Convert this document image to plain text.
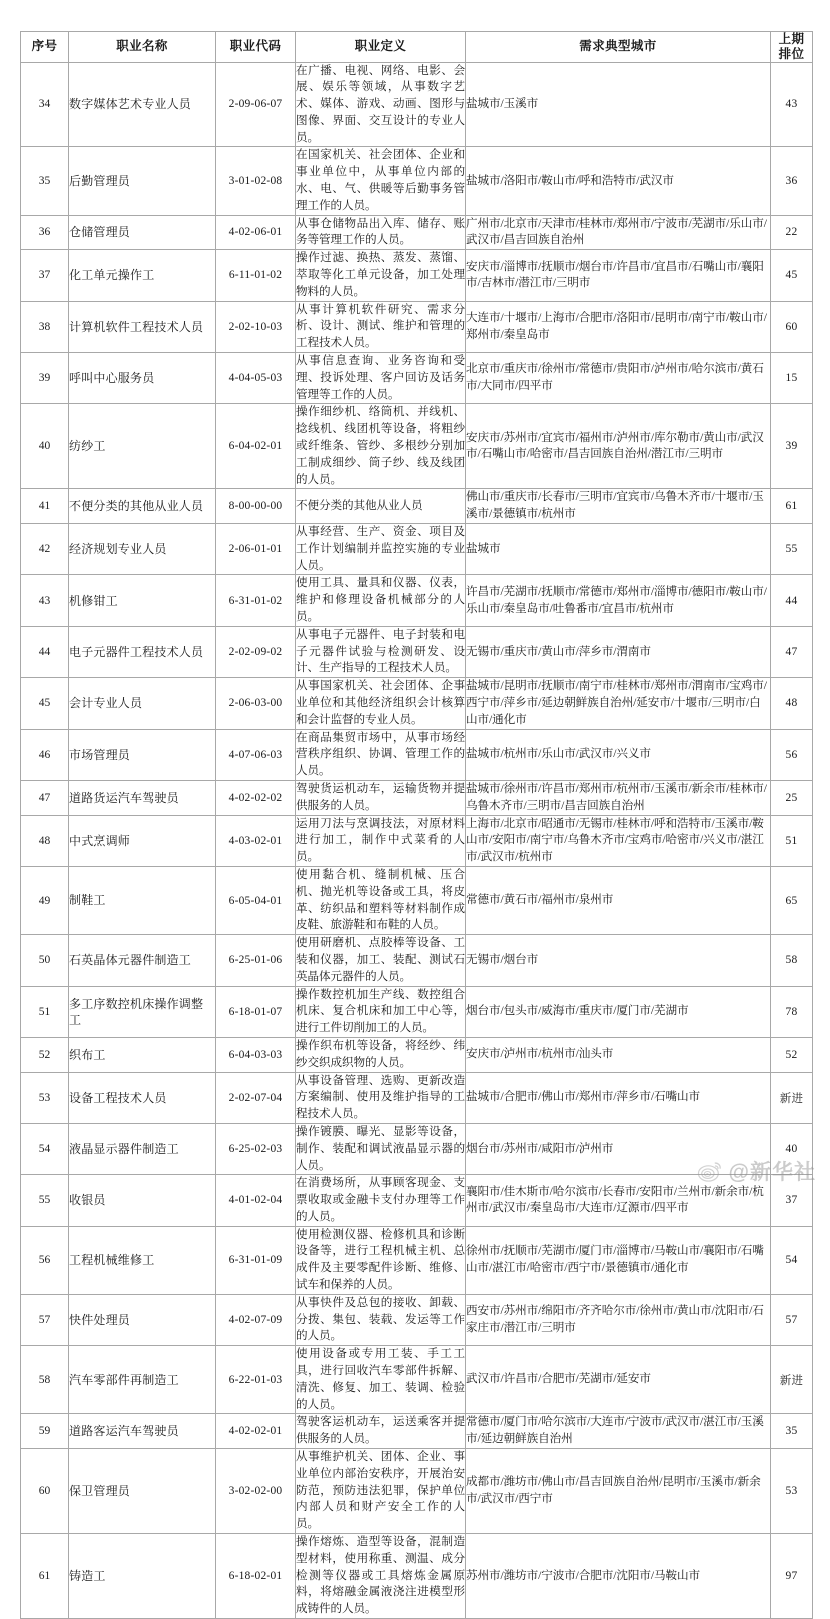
序号	职业名称	职业代码	职业定义	需求典型城市	上期
排位
34	数字媒体艺术专业人员	2-09-06-07	在广播、电视、网络、电影、会展、娱乐等领域，从事数字艺术、媒体、游戏、动画、图形与图像、界面、交互设计的专业人员。	盐城市/玉溪市	43
35	后勤管理员	3-01-02-08	在国家机关、社会团体、企业和事业单位中，从事单位内部的水、电、气、供暖等后勤事务管理工作的人员。	盐城市/洛阳市/鞍山市/呼和浩特市/武汉市	36
36	仓储管理员	4-02-06-01	从事仓储物品出入库、储存、账务等管理工作的人员。	广州市/北京市/天津市/桂林市/郑州市/宁波市/芜湖市/乐山市/武汉市/昌吉回族自治州	22
37	化工单元操作工	6-11-01-02	操作过滤、换热、蒸发、蒸馏、萃取等化工单元设备，加工处理物料的人员。	安庆市/淄博市/抚顺市/烟台市/许昌市/宜昌市/石嘴山市/襄阳市/吉林市/潜江市/三明市	45
38	计算机软件工程技术人员	2-02-10-03	从事计算机软件研究、需求分析、设计、测试、维护和管理的工程技术人员。	大连市/十堰市/上海市/合肥市/洛阳市/昆明市/南宁市/鞍山市/郑州市/秦皇岛市	60
39	呼叫中心服务员	4-04-05-03	从事信息查询、业务咨询和受理、投诉处理、客户回访及话务管理等工作的人员。	北京市/重庆市/徐州市/常德市/贵阳市/泸州市/哈尔滨市/黄石市/大同市/四平市	15
40	纺纱工	6-04-02-01	操作细纱机、络筒机、并线机、捻线机、线团机等设备，将粗纱或纤维条、管纱、多根纱分别加工制成细纱、筒子纱、线及线团的人员。	安庆市/苏州市/宜宾市/福州市/泸州市/库尔勒市/黄山市/武汉市/石嘴山市/哈密市/昌吉回族自治州/潜江市/三明市	39
41	不便分类的其他从业人员	8-00-00-00	不便分类的其他从业人员	佛山市/重庆市/长春市/三明市/宜宾市/乌鲁木齐市/十堰市/玉溪市/景德镇市/杭州市	61
42	经济规划专业人员	2-06-01-01	从事经营、生产、资金、项目及工作计划编制并监控实施的专业人员。	盐城市	55
43	机修钳工	6-31-01-02	使用工具、量具和仪器、仪表，维护和修理设备机械部分的人员。	许昌市/芜湖市/抚顺市/常德市/郑州市/淄博市/德阳市/鞍山市/乐山市/秦皇岛市/吐鲁番市/宜昌市/杭州市	44
44	电子元器件工程技术人员	2-02-09-02	从事电子元器件、电子封装和电子元器件试验与检测研发、设计、生产指导的工程技术人员。	无锡市/重庆市/黄山市/萍乡市/渭南市	47
45	会计专业人员	2-06-03-00	从事国家机关、社会团体、企事业单位和其他经济组织会计核算和会计监督的专业人员。	盐城市/昆明市/抚顺市/南宁市/桂林市/郑州市/渭南市/宝鸡市/西宁市/萍乡市/延边朝鲜族自治州/延安市/十堰市/三明市/白山市/通化市	48
46	市场管理员	4-07-06-03	在商品集贸市场中，从事市场经营秩序组织、协调、管理工作的人员。	盐城市/杭州市/乐山市/武汉市/兴义市	56
47	道路货运汽车驾驶员	4-02-02-02	驾驶货运机动车，运输货物并提供服务的人员。	盐城市/徐州市/许昌市/郑州市/杭州市/玉溪市/新余市/桂林市/乌鲁木齐市/三明市/昌吉回族自治州	25
48	中式烹调师	4-03-02-01	运用刀法与烹调技法，对原材料进行加工，制作中式菜肴的人员。	上海市/北京市/昭通市/无锡市/桂林市/呼和浩特市/玉溪市/鞍山市/安阳市/南宁市/乌鲁木齐市/宝鸡市/哈密市/兴义市/湛江市/武汉市/杭州市	51
49	制鞋工	6-05-04-01	使用黏合机、缝制机械、压合机、抛光机等设备或工具，将皮革、纺织品和塑料等材料制作成皮鞋、旅游鞋和布鞋的人员。	常德市/黄石市/福州市/泉州市	65
50	石英晶体元器件制造工	6-25-01-06	使用研磨机、点胶棒等设备、工装和仪器，加工、装配、测试石英晶体元器件的人员。	无锡市/烟台市	58
51	多工序数控机床操作调整工	6-18-01-07	操作数控机加生产线、数控组合机床、复合机床和加工中心等，进行工件切削加工的人员。	烟台市/包头市/威海市/重庆市/厦门市/芜湖市	78
52	织布工	6-04-03-03	操作织布机等设备，将经纱、纬纱交织成织物的人员。	安庆市/泸州市/杭州市/汕头市	52
53	设备工程技术人员	2-02-07-04	从事设备管理、选购、更新改造方案编制、使用及维护指导的工程技术人员。	盐城市/合肥市/佛山市/郑州市/萍乡市/石嘴山市	新进
54	液晶显示器件制造工	6-25-02-03	操作镀膜、曝光、显影等设备，制作、装配和调试液晶显示器的人员。	烟台市/苏州市/咸阳市/泸州市	40
55	收银员	4-01-02-04	在消费场所，从事顾客现金、支票收取或金融卡支付办理等工作的人员。	襄阳市/佳木斯市/哈尔滨市/长春市/安阳市/兰州市/新余市/杭州市/武汉市/秦皇岛市/大连市/辽源市/四平市	37
56	工程机械维修工	6-31-01-09	使用检测仪器、检修机具和诊断设备等，进行工程机械主机、总成件及主要零配件诊断、维修、试车和保养的人员。	徐州市/抚顺市/芜湖市/厦门市/淄博市/马鞍山市/襄阳市/石嘴山市/湛江市/哈密市/西宁市/景德镇市/通化市	54
57	快件处理员	4-02-07-09	从事快件及总包的接收、卸载、分拨、集包、装载、发运等工作的人员。	西安市/苏州市/绵阳市/齐齐哈尔市/徐州市/黄山市/沈阳市/石家庄市/潜江市/三明市	57
58	汽车零部件再制造工	6-22-01-03	使用设备或专用工装、手工工具，进行回收汽车零部件拆解、清洗、修复、加工、装调、检验的人员。	武汉市/许昌市/合肥市/芜湖市/延安市	新进
59	道路客运汽车驾驶员	4-02-02-01	驾驶客运机动车，运送乘客并提供服务的人员。	常德市/厦门市/哈尔滨市/大连市/宁波市/武汉市/湛江市/玉溪市/延边朝鲜族自治州	35
60	保卫管理员	3-02-02-00	从事维护机关、团体、企业、事业单位内部治安秩序，开展治安防范，预防违法犯罪，保护单位内部人员和财产安全工作的人员。	成都市/潍坊市/佛山市/昌吉回族自治州/昆明市/玉溪市/新余市/武汉市/西宁市	53
61	铸造工	6-18-02-01	操作熔炼、造型等设备，混制造型材料，使用称重、测温、成分检测等仪器或工具熔炼金属原料，将熔融金属液浇注进模型形成铸件的人员。	苏州市/潍坊市/宁波市/合肥市/沈阳市/马鞍山市	97
@新华社
